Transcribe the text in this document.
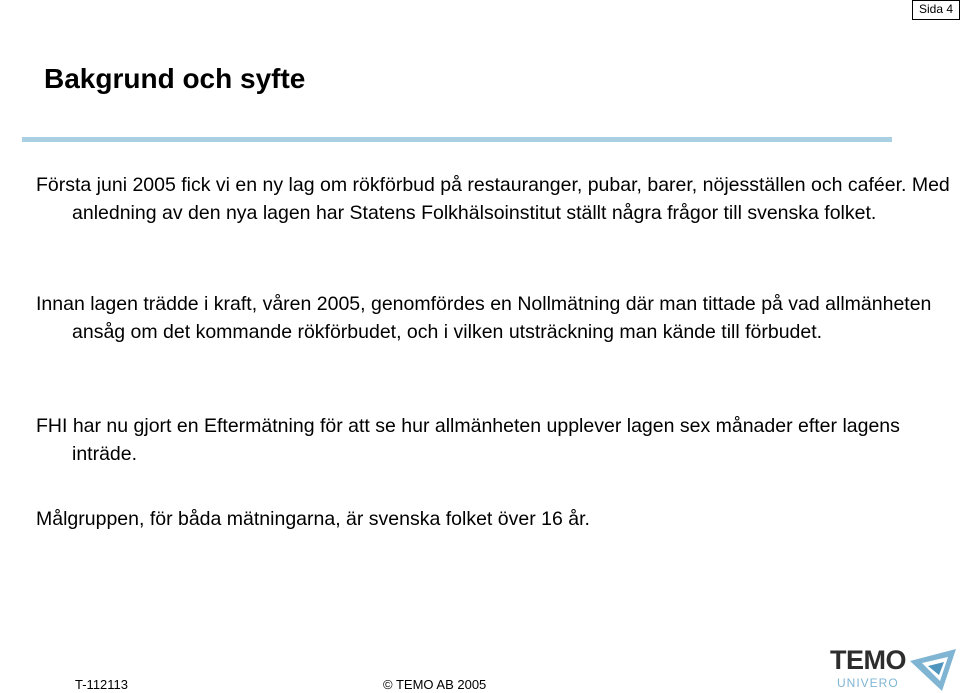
Sida 4
Bakgrund och syfte

Första juni 2005 fick vi en ny lag om rökförbud på restauranger, pubar, barer, nöjesställen och caféer. Med anledning av den nya lagen har Statens Folkhälsoinstitut ställt några frågor till svenska folket.

Innan lagen trädde i kraft, våren 2005, genomfördes en Nollmätning där man tittade på vad allmänheten ansåg om det kommande rökförbudet, och i vilken utsträckning man kände till förbudet.

FHI har nu gjort en Eftermätning för att se hur allmänheten upplever lagen sex månader efter lagens inträde.

Målgruppen, för båda mätningarna, är svenska folket över 16 år.

T-112113	© TEMO AB 2005
TEMO
UNIVERO
